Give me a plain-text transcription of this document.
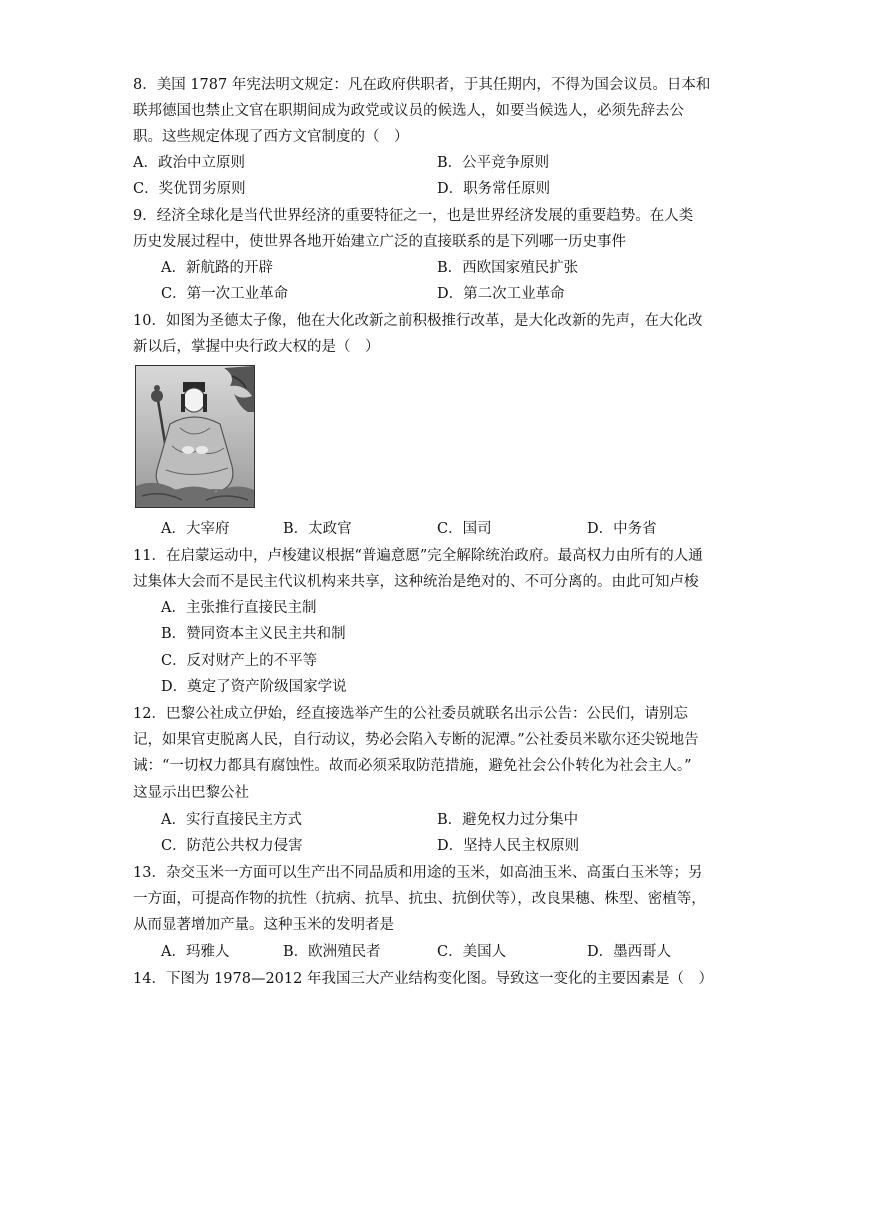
8．美国 1787 年宪法明文规定：凡在政府供职者，于其任期内，不得为国会议员。日本和
联邦德国也禁止文官在职期间成为政党或议员的候选人，如要当候选人，必须先辞去公
职。这些规定体现了西方文官制度的（　）
A．政治中立原则	B．公平竞争原则
C．奖优罚劣原则	D．职务常任原则
9．经济全球化是当代世界经济的重要特征之一，也是世界经济发展的重要趋势。在人类
历史发展过程中，使世界各地开始建立广泛的直接联系的是下列哪一历史事件
A．新航路的开辟	B．西欧国家殖民扩张
C．第一次工业革命	D．第二次工业革命
10．如图为圣德太子像，他在大化改新之前积极推行改革，是大化改新的先声，在大化改
新以后，掌握中央行政大权的是（　）
A．大宰府	B．太政官	C．国司	D．中务省
11．在启蒙运动中，卢梭建议根据“普遍意愿”完全解除统治政府。最高权力由所有的人通
过集体大会而不是民主代议机构来共享，这种统治是绝对的、不可分离的。由此可知卢梭
A．主张推行直接民主制
B．赞同资本主义民主共和制
C．反对财产上的不平等
D．奠定了资产阶级国家学说
12．巴黎公社成立伊始，经直接选举产生的公社委员就联名出示公告：公民们，请别忘
记，如果官吏脱离人民，自行动议，势必会陷入专断的泥潭。”公社委员米歇尔还尖锐地告
诫：“一切权力都具有腐蚀性。故而必须采取防范措施，避免社会公仆转化为社会主人。”
这显示出巴黎公社
A．实行直接民主方式	B．避免权力过分集中
C．防范公共权力侵害	D．坚持人民主权原则
13．杂交玉米一方面可以生产出不同品质和用途的玉米，如高油玉米、高蛋白玉米等；另
一方面，可提高作物的抗性（抗病、抗旱、抗虫、抗倒伏等），改良果穗、株型、密植等，
从而显著增加产量。这种玉米的发明者是
A．玛雅人	B．欧洲殖民者	C．美国人	D．墨西哥人
14．下图为 1978—2012 年我国三大产业结构变化图。导致这一变化的主要因素是（　）
